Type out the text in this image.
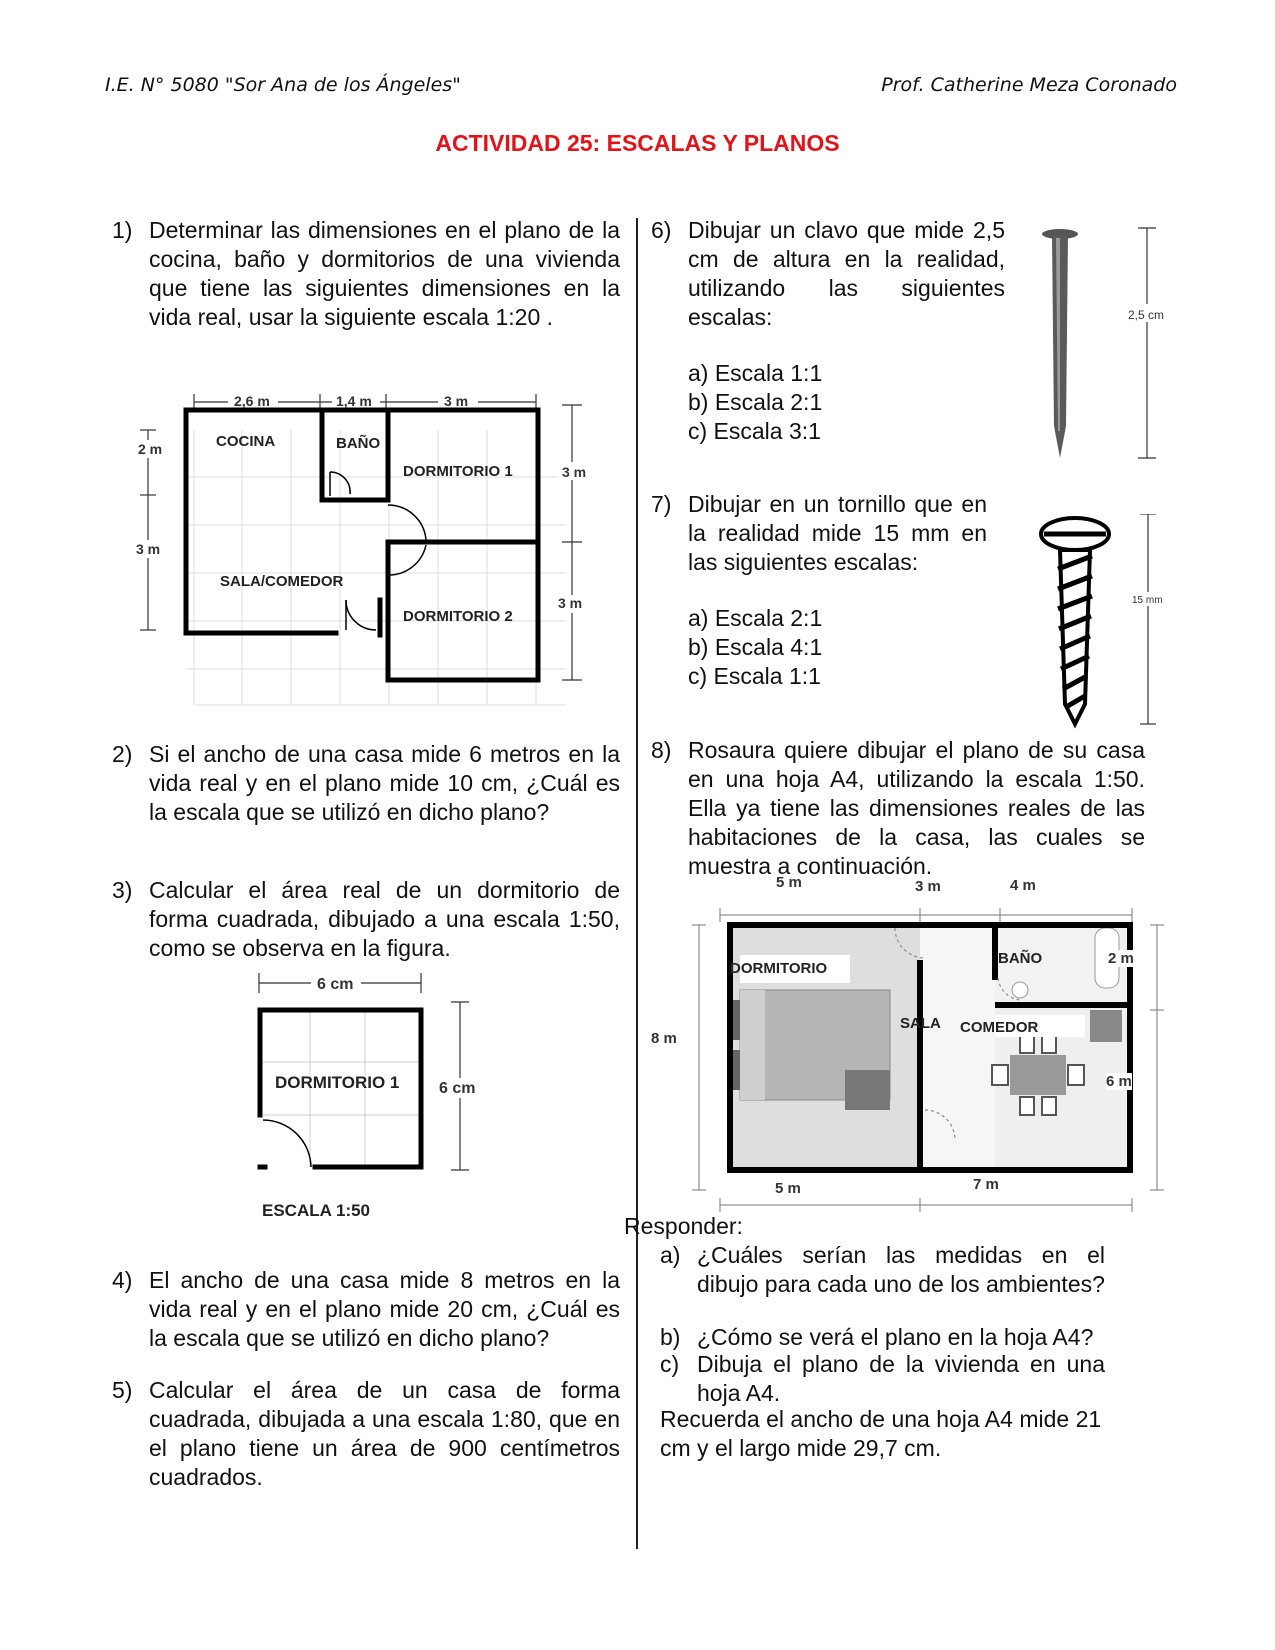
I.E. N° 5080 "Sor Ana de los Ángeles"	Prof. Catherine Meza Coronado
ACTIVIDAD 25: ESCALAS Y PLANOS
1) Determinar las dimensiones en el plano de la cocina, baño y dormitorios de una vivienda que tiene las siguientes dimensiones en la vida real, usar la siguiente escala 1:20 .
2,6 m	1,4 m	3 m
2 m
3 m
3 m
3 m
COCINA	BAÑO
DORMITORIO 1
SALA/COMEDOR
DORMITORIO 2
2) Si el ancho de una casa mide 6 metros en la vida real y en el plano mide 10 cm, ¿Cuál es la escala que se utilizó en dicho plano?
3) Calcular el área real de un dormitorio de forma cuadrada, dibujado a una escala 1:50, como se observa en la figura.
DORMITORIO 1 6 cm
ESCALA 1:50
6 cm
4) El ancho de una casa mide 8 metros en la vida real y en el plano mide 20 cm, ¿Cuál es la escala que se utilizó en dicho plano?
5) Calcular el área de un casa de forma cuadrada, dibujada a una escala 1:80, que en el plano tiene un área de 900 centímetros cuadrados.
6) Dibujar un clavo que mide 2,5 cm de altura en la realidad, utilizando las siguientes escalas:
a) Escala 1:1
b) Escala 2:1
c) Escala 3:1
2,5 cm
7) Dibujar en un tornillo que en la realidad mide 15 mm en las siguientes escalas:
a) Escala 2:1
b) Escala 4:1
c) Escala 1:1
15 mm
8) Rosaura quiere dibujar el plano de su casa en una hoja A4, utilizando la escala 1:50. Ella ya tiene las dimensiones reales de las habitaciones de la casa, las cuales se muestra a continuación.
DORMITORIO
BAÑO
SALA COMEDOR
5 m	3 m	4 m
5 m	7 m
8 m
2 m
6 m
Responder:
a) ¿Cuáles serían las medidas en el dibujo para cada uno de los ambientes?
b) ¿Cómo se verá el plano en la hoja A4?
c) Dibuja el plano de la vivienda en una hoja A4.
Recuerda el ancho de una hoja A4 mide 21 cm y el largo mide 29,7 cm.
